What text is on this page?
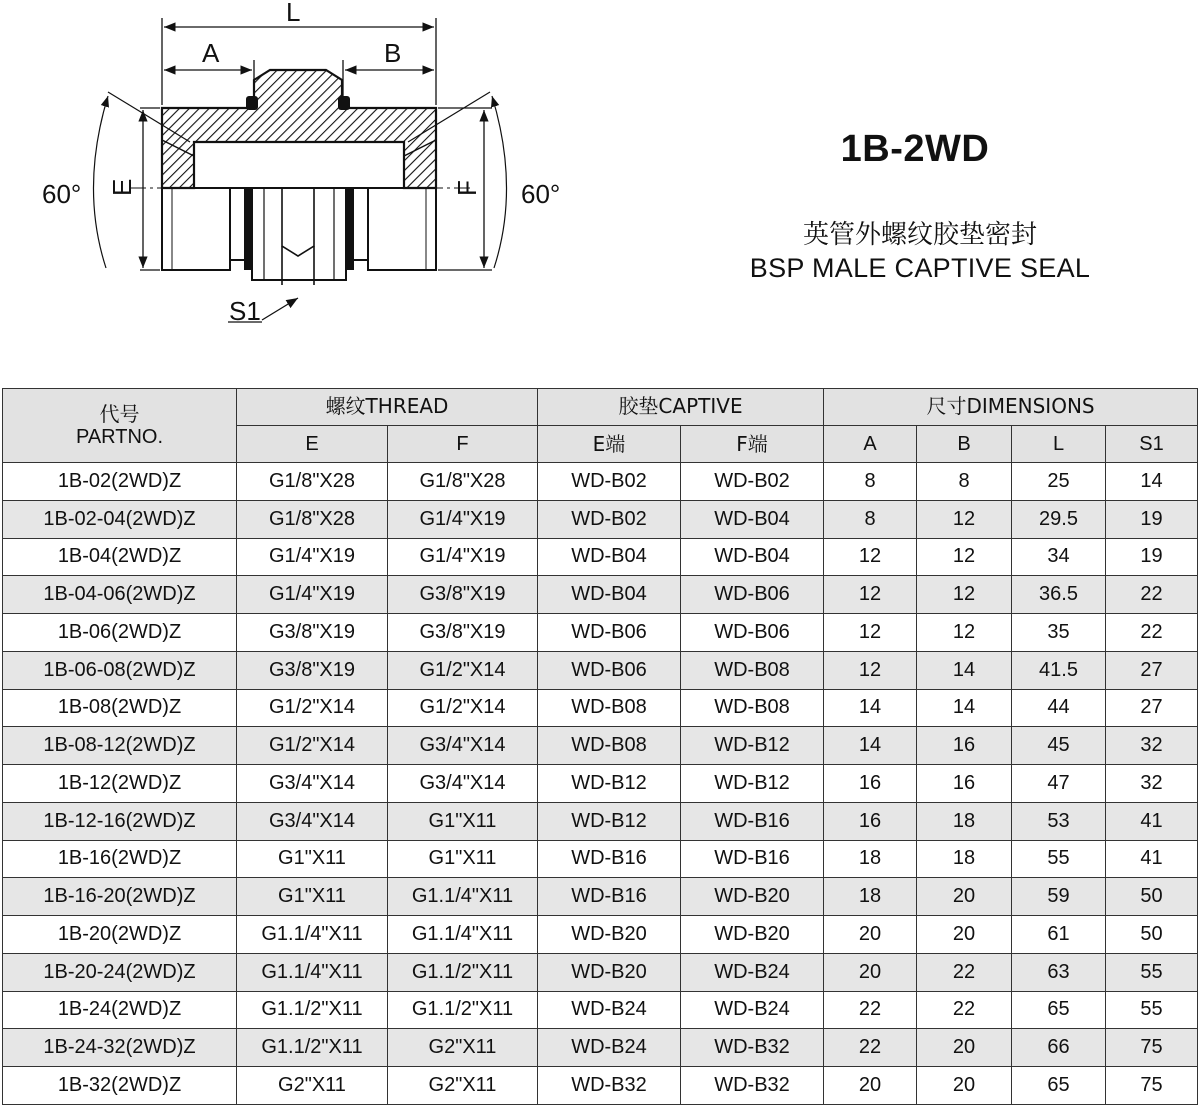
L
A	B
E	F
60°	60°
S1
1B-2WD
英管外螺纹胶垫密封
BSP MALE CAPTIVE SEAL
代号
PARTNO.	螺纹THREAD		胶垫CAPTIVE		尺寸DIMENSIONS			
	E	F	E端	F端	A	B	L	S1
1B-02(2WD)Z	G1/8"X28	G1/8"X28	WD-B02	WD-B02	8	8	25	14
1B-02-04(2WD)Z	G1/8"X28	G1/4"X19	WD-B02	WD-B04	8	12	29.5	19
1B-04(2WD)Z	G1/4"X19	G1/4"X19	WD-B04	WD-B04	12	12	34	19
1B-04-06(2WD)Z	G1/4"X19	G3/8"X19	WD-B04	WD-B06	12	12	36.5	22
1B-06(2WD)Z	G3/8"X19	G3/8"X19	WD-B06	WD-B06	12	12	35	22
1B-06-08(2WD)Z	G3/8"X19	G1/2"X14	WD-B06	WD-B08	12	14	41.5	27
1B-08(2WD)Z	G1/2"X14	G1/2"X14	WD-B08	WD-B08	14	14	44	27
1B-08-12(2WD)Z	G1/2"X14	G3/4"X14	WD-B08	WD-B12	14	16	45	32
1B-12(2WD)Z	G3/4"X14	G3/4"X14	WD-B12	WD-B12	16	16	47	32
1B-12-16(2WD)Z	G3/4"X14	G1"X11	WD-B12	WD-B16	16	18	53	41
1B-16(2WD)Z	G1"X11	G1"X11	WD-B16	WD-B16	18	18	55	41
1B-16-20(2WD)Z	G1"X11	G1.1/4"X11	WD-B16	WD-B20	18	20	59	50
1B-20(2WD)Z	G1.1/4"X11	G1.1/4"X11	WD-B20	WD-B20	20	20	61	50
1B-20-24(2WD)Z	G1.1/4"X11	G1.1/2"X11	WD-B20	WD-B24	20	22	63	55
1B-24(2WD)Z	G1.1/2"X11	G1.1/2"X11	WD-B24	WD-B24	22	22	65	55
1B-24-32(2WD)Z	G1.1/2"X11	G2"X11	WD-B24	WD-B32	22	20	66	75
1B-32(2WD)Z	G2"X11	G2"X11	WD-B32	WD-B32	20	20	65	75
